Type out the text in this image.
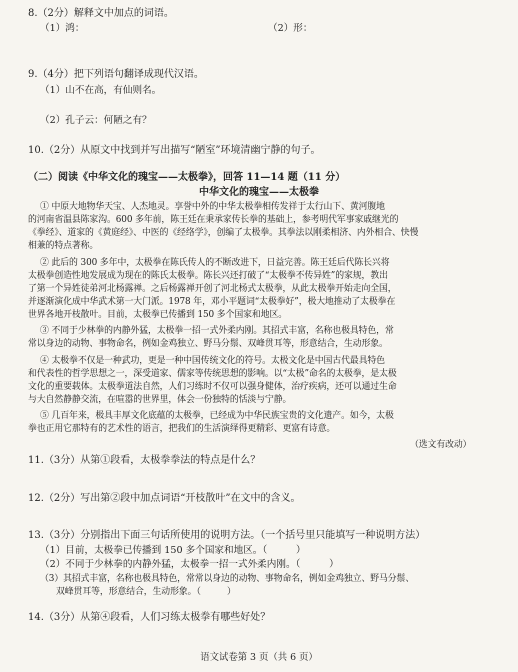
8.（2分）解释文中加点的词语。
（1）鸿：	（2）形：
9.（4分）把下列语句翻译成现代汉语。
（1）山不在高，有仙则名。
（2）孔子云：何陋之有？
10.（2分）从原文中找到并写出描写“陋室”环境清幽宁静的句子。
（二）阅读《中华文化的瑰宝——太极拳》，回答 11—14 题（11 分）
中华文化的瑰宝——太极拳
① 中原大地物华天宝、人杰地灵。享誉中外的中华太极拳相传发祥于太行山下、黄河腹地
的河南省温县陈家沟。600 多年前，陈王廷在秉承家传长拳的基础上，参考明代军事家戚继光的
《拳经》、道家的《黄庭经》、中医的《经络学》，创编了太极拳。其拳法以刚柔相济、内外相合、快慢
相兼的特点著称。
② 此后的 300 多年中，太极拳在陈氏传人的不断改进下，日益完善。陈王廷后代陈长兴将
太极拳创造性地发展成为现在的陈氏太极拳。陈长兴还打破了“太极拳不传异姓”的家规，教出
了第一个异姓徒弟河北杨露禅。之后杨露禅开创了河北杨式太极拳，从此太极拳开始走向全国，
并逐渐演化成中华武术第一大门派。1978 年，邓小平题词“太极拳好”，极大地推动了太极拳在
世界各地开枝散叶。目前，太极拳已传播到 150 多个国家和地区。
③ 不同于少林拳的内静外猛，太极拳一招一式外柔内刚。其招式丰富，名称也极具特色，常
常以身边的动物、事物命名，例如金鸡独立、野马分鬃、双峰贯耳等，形意结合，生动形象。
④ 太极拳不仅是一种武功，更是一种中国传统文化的符号。太极文化是中国古代最具特色
和代表性的哲学思想之一，深受道家、儒家等传统思想的影响。以“太极”命名的太极拳，是太极
文化的重要载体。太极拳道法自然，人们习练时不仅可以强身健体，治疗疾病，还可以通过生命
与大自然静静交流，在喧嚣的世界里，体会一份独特的恬淡与宁静。
⑤ 几百年来，极具丰厚文化底蕴的太极拳，已经成为中华民族宝贵的文化遗产。如今，太极
拳也正用它那特有的艺术性的语言，把我们的生活演绎得更精彩、更富有诗意。
（选文有改动）
11.（3分）从第①段看，太极拳拳法的特点是什么？
12.（2分）写出第②段中加点词语“开枝散叶”在文中的含义。
13.（3分）分别指出下面三句话所使用的说明方法。（一个括号里只能填写一种说明方法）
（1）目前，太极拳已传播到 150 多个国家和地区。（　　　）
（2）不同于少林拳的内静外猛，太极拳一招一式外柔内刚。（　　　）
（3）其招式丰富，名称也极具特色，常常以身边的动物、事物命名，例如金鸡独立、野马分鬃、
双峰贯耳等，形意结合，生动形象。（　　　）
14.（3分）从第④段看，人们习练太极拳有哪些好处？
语文试卷第 3 页（共 6 页）
